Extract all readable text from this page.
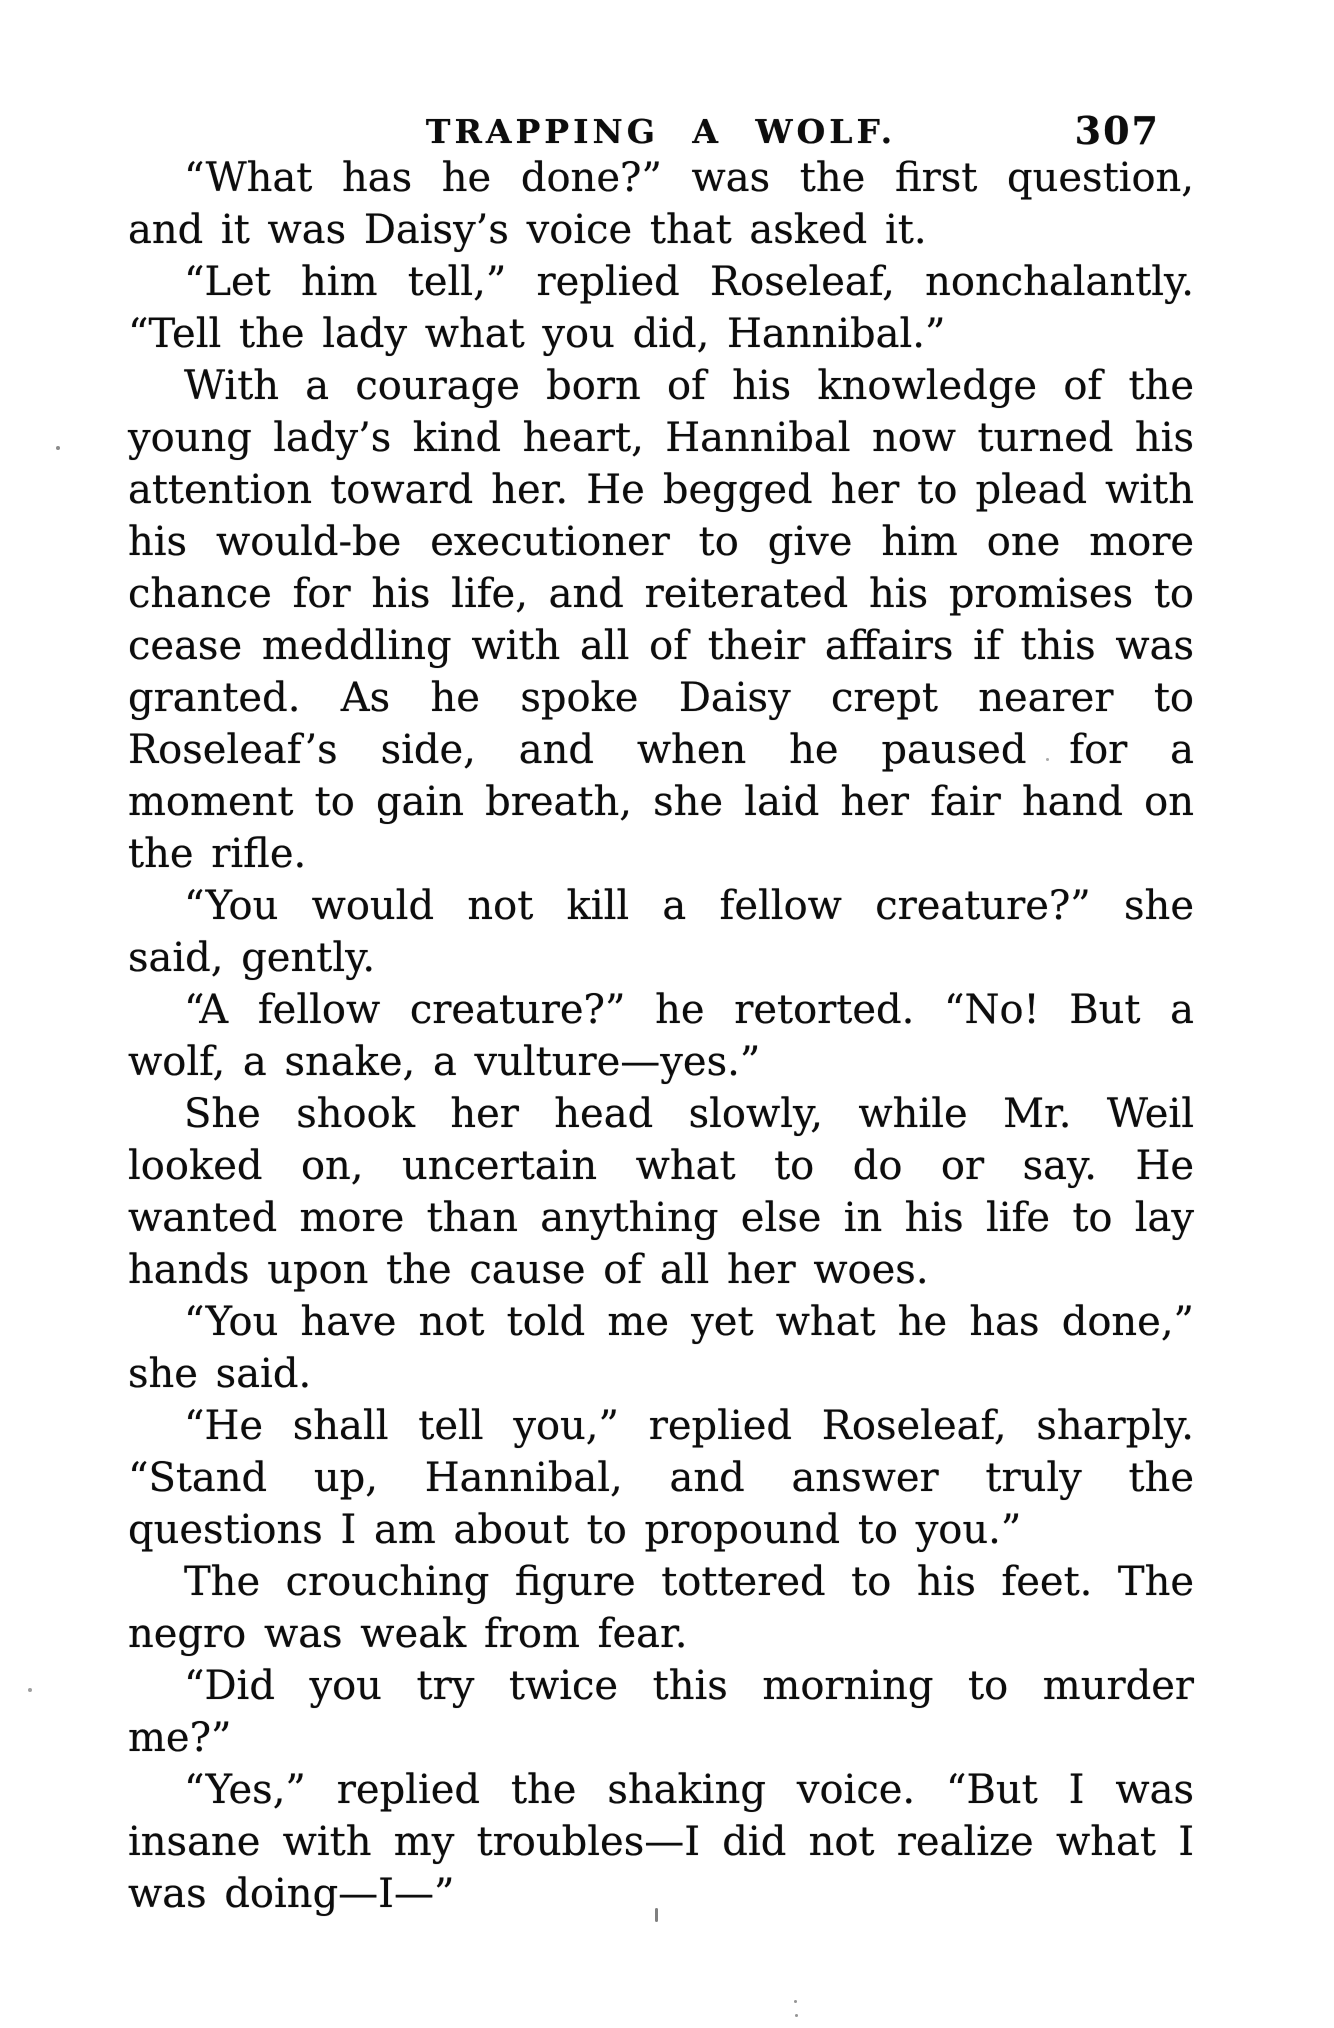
TRAPPING A WOLF.	307

“What has he done?” was the first question, and it was Daisy’s voice that asked it.

“Let him tell,” replied Roseleaf, nonchalantly. “Tell the lady what you did, Hannibal.”

With a courage born of his knowledge of the young lady’s kind heart, Hannibal now turned his attention toward her. He begged her to plead with his would-be executioner to give him one more chance for his life, and reiterated his promises to cease meddling with all of their affairs if this was granted. As he spoke Daisy crept nearer to Roseleaf’s side, and when he paused for a moment to gain breath, she laid her fair hand on the rifle.

“You would not kill a fellow creature?” she said, gently.

“A fellow creature?” he retorted. “No! But a wolf, a snake, a vulture—yes.”

She shook her head slowly, while Mr. Weil looked on, uncertain what to do or say. He wanted more than anything else in his life to lay hands upon the cause of all her woes.

“You have not told me yet what he has done,” she said.

“He shall tell you,” replied Roseleaf, sharply. “Stand up, Hannibal, and answer truly the questions I am about to propound to you.”

The crouching figure tottered to his feet. The negro was weak from fear.

“Did you try twice this morning to murder me?”

“Yes,” replied the shaking voice. “But I was insane with my troubles—I did not realize what I was doing—I—”
